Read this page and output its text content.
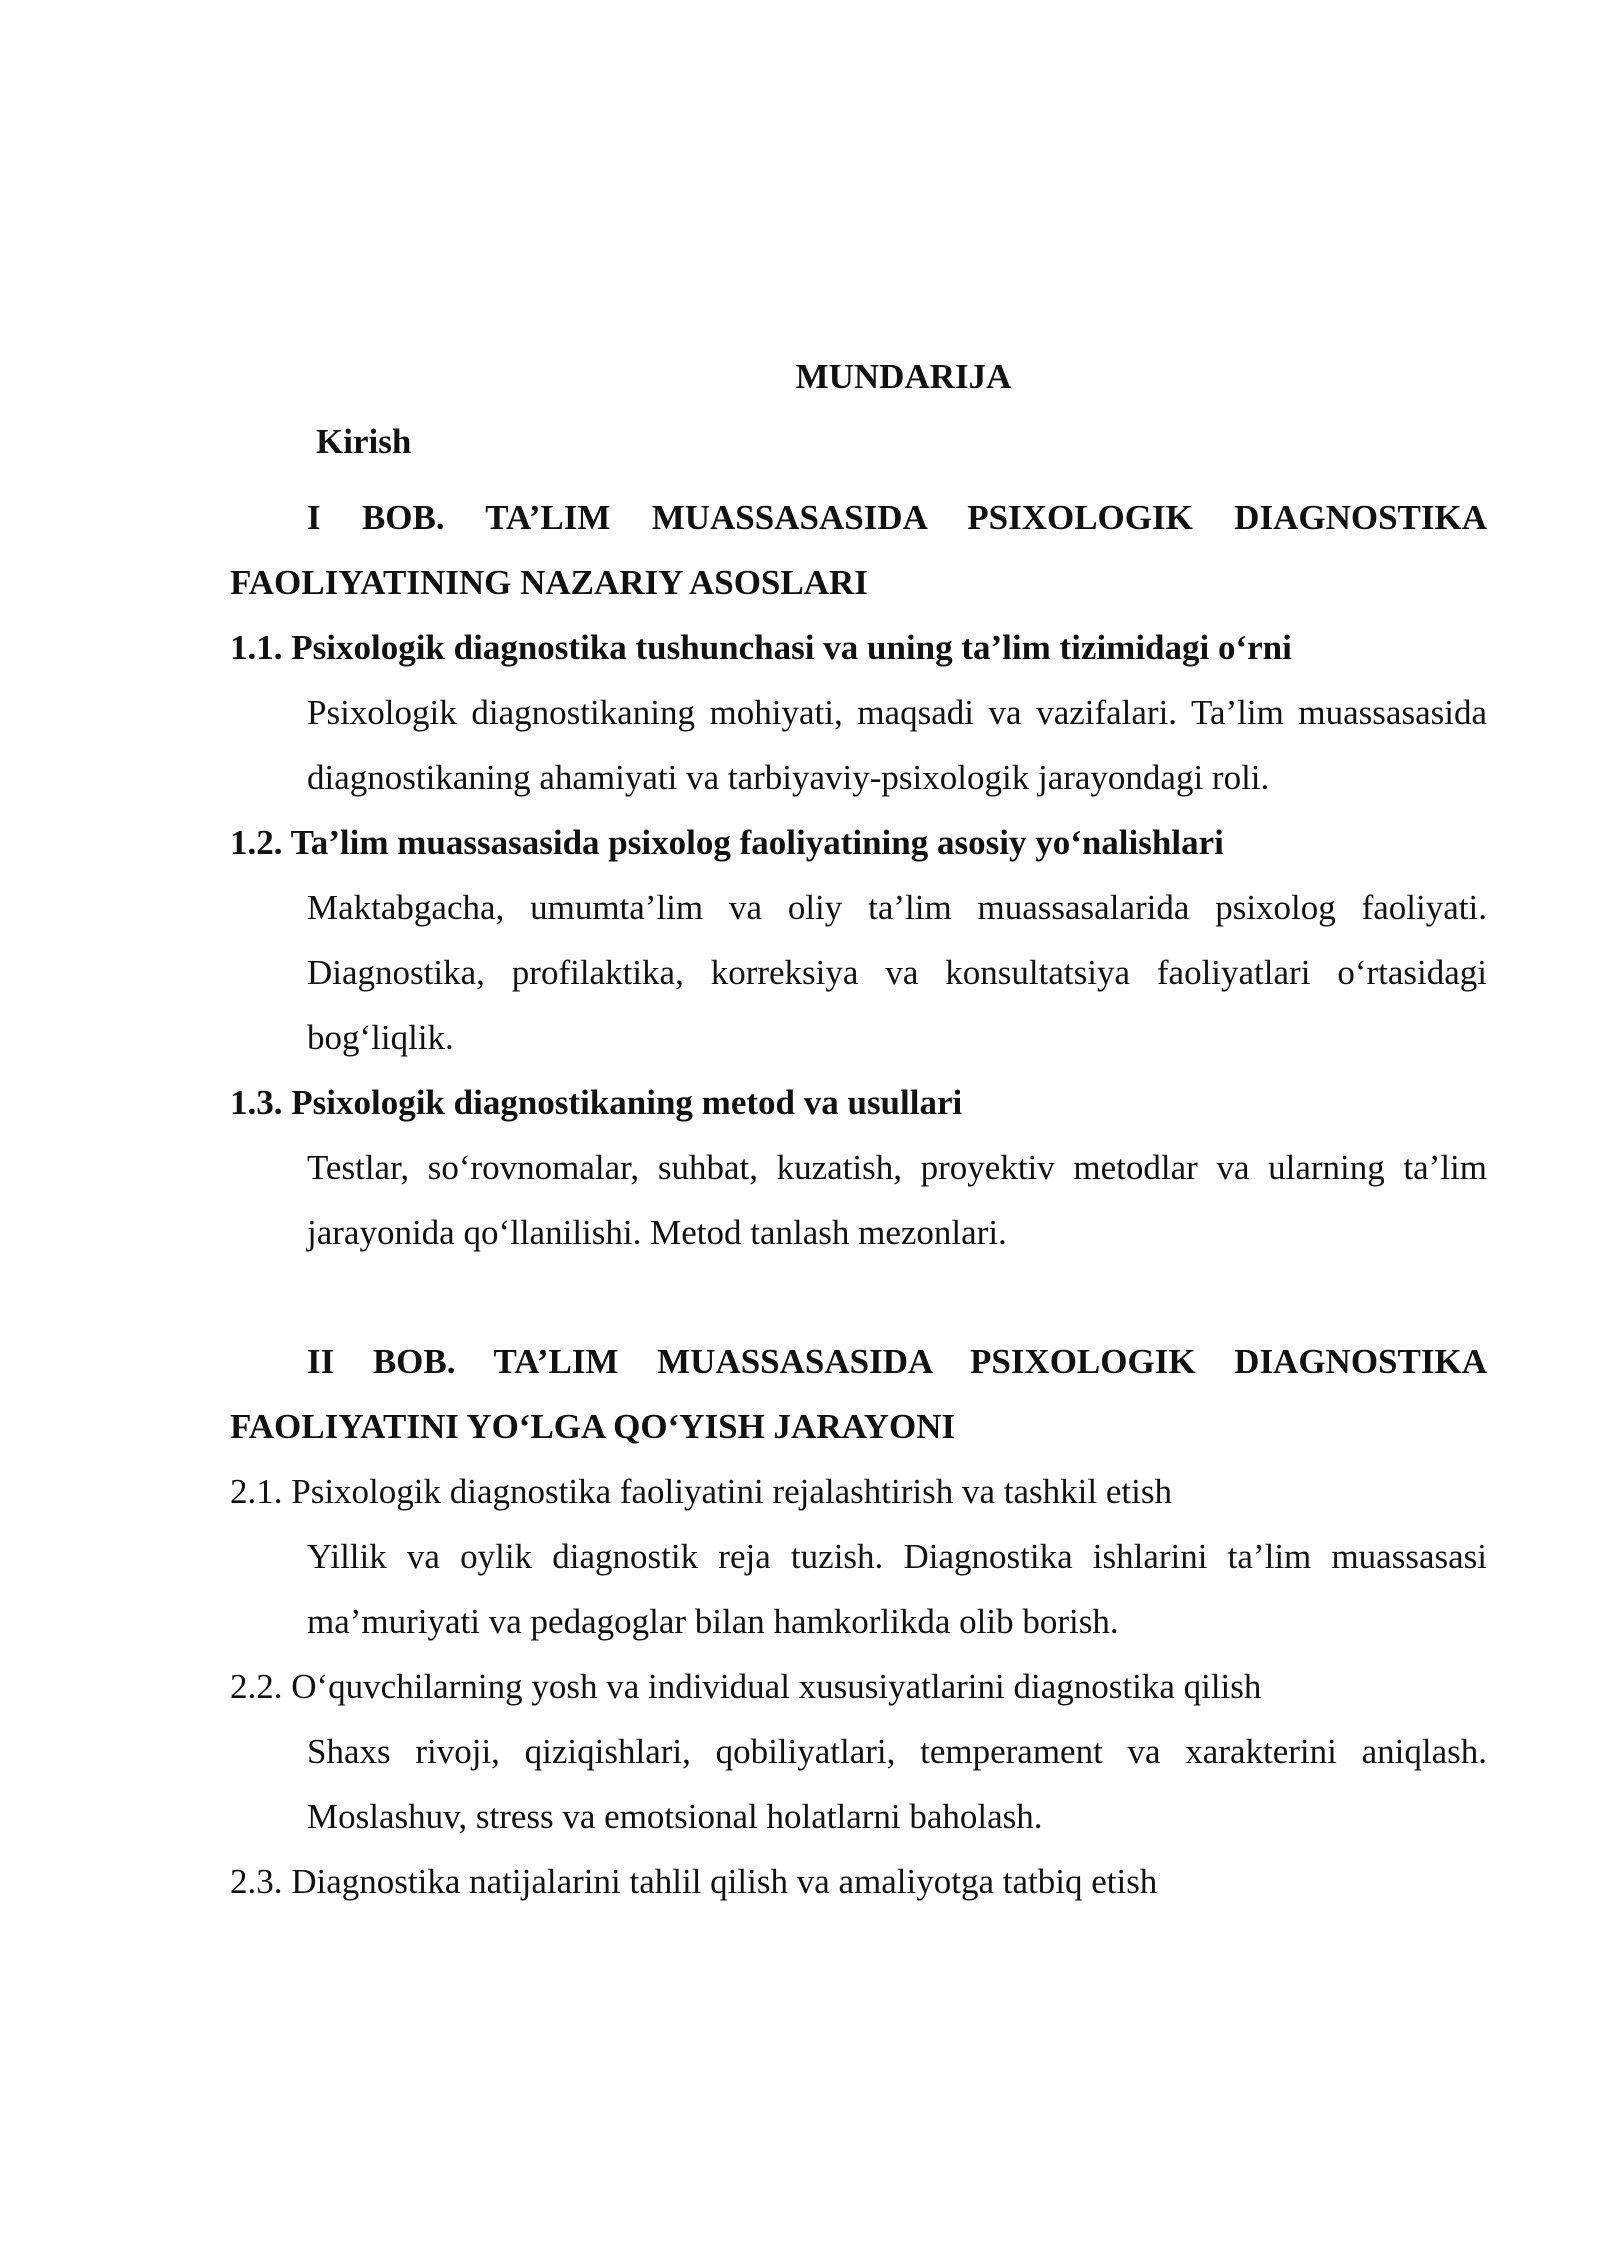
MUNDARIJA
Kirish

I BOB. TA’LIM MUASSASASIDA PSIXOLOGIK DIAGNOSTIKA FAOLIYATINING NAZARIY ASOSLARI

1.1. Psixologik diagnostika tushunchasi va uning ta’lim tizimidagi o‘rni

Psixologik diagnostikaning mohiyati, maqsadi va vazifalari. Ta’lim muassasasida diagnostikaning ahamiyati va tarbiyaviy-psixologik jarayondagi roli.

1.2. Ta’lim muassasasida psixolog faoliyatining asosiy yo‘nalishlari

Maktabgacha, umumta’lim va oliy ta’lim muassasalarida psixolog faoliyati. Diagnostika, profilaktika, korreksiya va konsultatsiya faoliyatlari o‘rtasidagi bog‘liqlik.

1.3. Psixologik diagnostikaning metod va usullari

Testlar, so‘rovnomalar, suhbat, kuzatish, proyektiv metodlar va ularning ta’lim jarayonida qo‘llanilishi. Metod tanlash mezonlari.

II BOB. TA’LIM MUASSASASIDA PSIXOLOGIK DIAGNOSTIKA FAOLIYATINI YO‘LGA QO‘YISH JARAYONI

2.1. Psixologik diagnostika faoliyatini rejalashtirish va tashkil etish

Yillik va oylik diagnostik reja tuzish. Diagnostika ishlarini ta’lim muassasasi ma’muriyati va pedagoglar bilan hamkorlikda olib borish.

2.2. O‘quvchilarning yosh va individual xususiyatlarini diagnostika qilish

Shaxs rivoji, qiziqishlari, qobiliyatlari, temperament va xarakterini aniqlash. Moslashuv, stress va emotsional holatlarni baholash.

2.3. Diagnostika natijalarini tahlil qilish va amaliyotga tatbiq etish
